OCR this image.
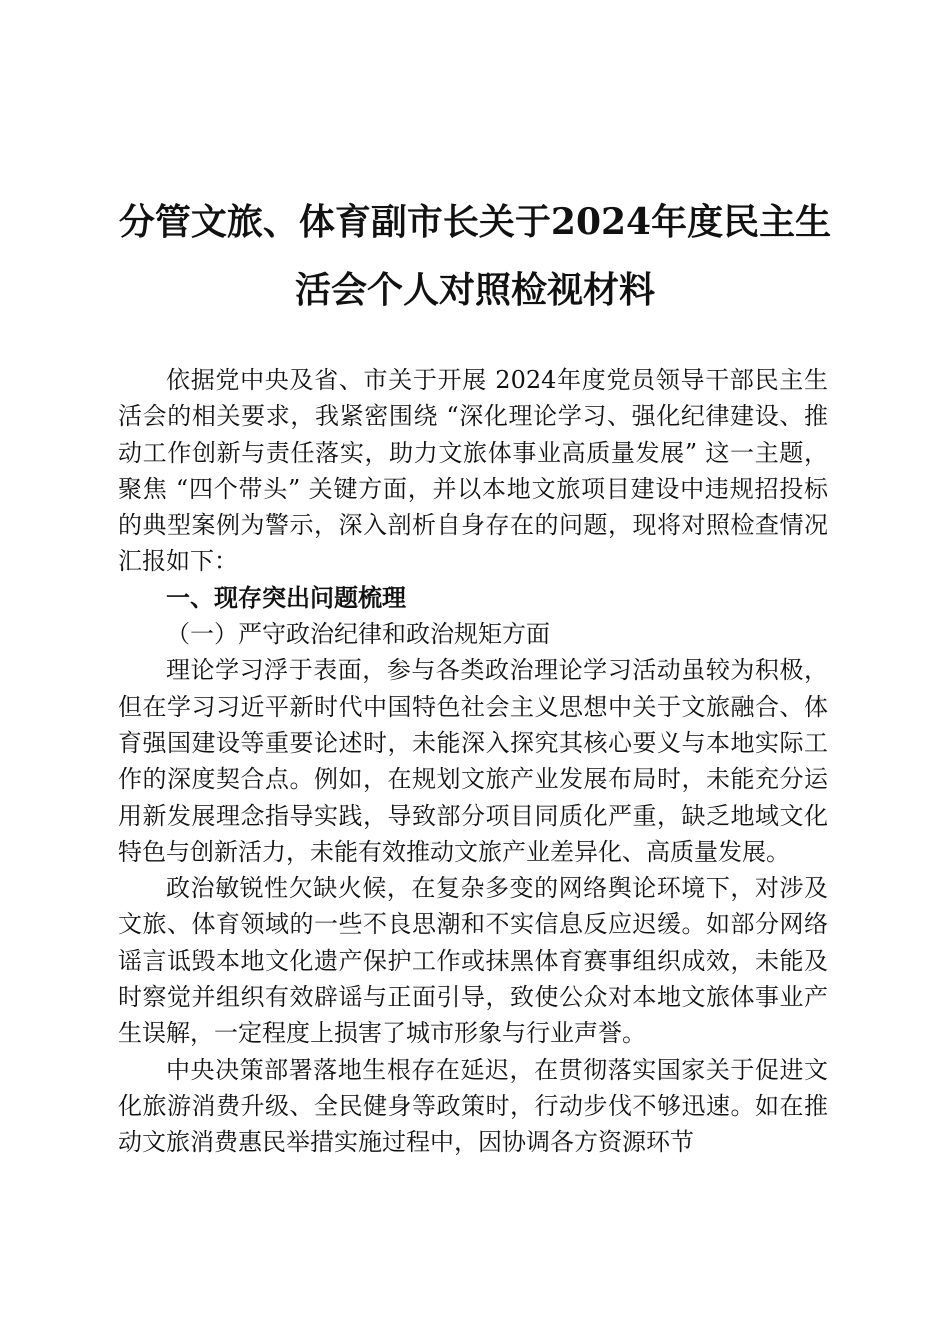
分管文旅、体育副市长关于2024年度民主生
活会个人对照检视材料

依据党中央及省、市关于开展 2024年度党员领导干部民主生活会的相关要求，我紧密围绕 “深化理论学习、强化纪律建设、推动工作创新与责任落实，助力文旅体事业高质量发展” 这一主题，聚焦 “四个带头” 关键方面，并以本地文旅项目建设中违规招投标的典型案例为警示，深入剖析自身存在的问题，现将对照检查情况汇报如下：

一、现存突出问题梳理
（一）严守政治纪律和政治规矩方面

理论学习浮于表面，参与各类政治理论学习活动虽较为积极，但在学习习近平新时代中国特色社会主义思想中关于文旅融合、体育强国建设等重要论述时，未能深入探究其核心要义与本地实际工作的深度契合点。例如，在规划文旅产业发展布局时，未能充分运用新发展理念指导实践，导致部分项目同质化严重，缺乏地域文化特色与创新活力，未能有效推动文旅产业差异化、高质量发展。

政治敏锐性欠缺火候，在复杂多变的网络舆论环境下，对涉及文旅、体育领域的一些不良思潮和不实信息反应迟缓。如部分网络谣言诋毁本地文化遗产保护工作或抹黑体育赛事组织成效，未能及时察觉并组织有效辟谣与正面引导，致使公众对本地文旅体事业产生误解，一定程度上损害了城市形象与行业声誉。

中央决策部署落地生根存在延迟，在贯彻落实国家关于促进文化旅游消费升级、全民健身等政策时，行动步伐不够迅速。如在推动文旅消费惠民举措实施过程中，因协调各方资源环节
